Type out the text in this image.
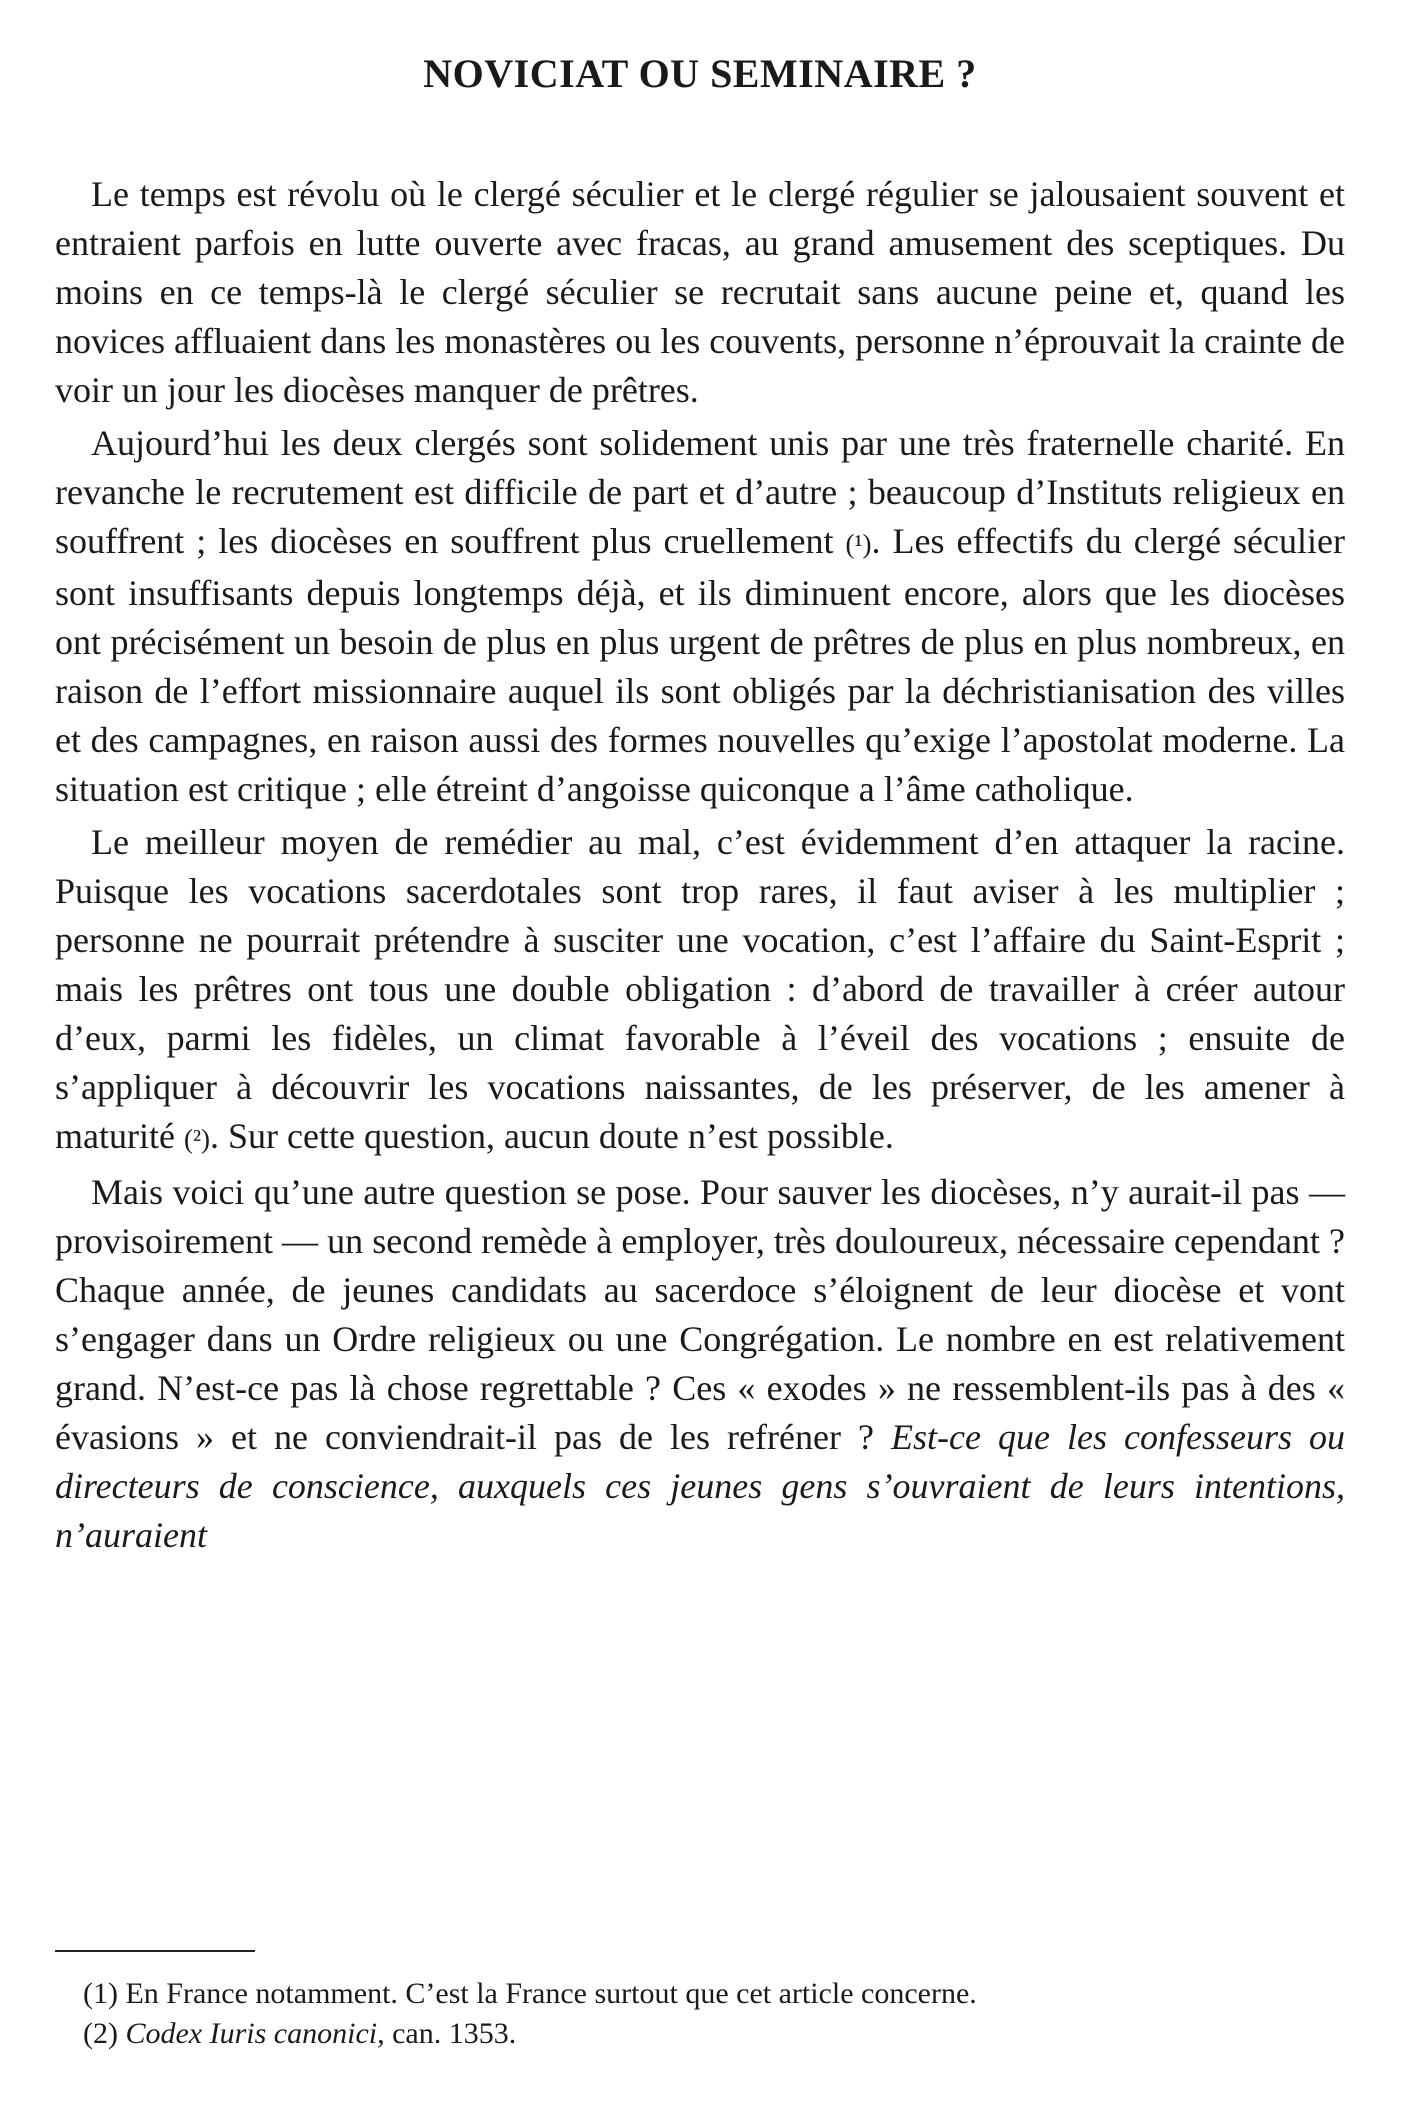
NOVICIAT OU SEMINAIRE ?

Le temps est révolu où le clergé séculier et le clergé régulier se jalousaient souvent et entraient parfois en lutte ouverte avec fracas, au grand amusement des sceptiques. Du moins en ce temps-là le clergé séculier se recrutait sans aucune peine et, quand les novices affluaient dans les monastères ou les couvents, personne n’éprouvait la crainte de voir un jour les diocèses manquer de prêtres.

Aujourd’hui les deux clergés sont solidement unis par une très fraternelle charité. En revanche le recrutement est difficile de part et d’autre ; beaucoup d’Instituts religieux en souffrent ; les diocèses en souffrent plus cruellement (¹). Les effectifs du clergé séculier sont insuffisants depuis longtemps déjà, et ils diminuent encore, alors que les diocèses ont précisément un besoin de plus en plus urgent de prêtres de plus en plus nombreux, en raison de l’effort missionnaire auquel ils sont obligés par la déchristianisation des villes et des campagnes, en raison aussi des formes nouvelles qu’exige l’apostolat moderne. La situation est critique ; elle étreint d’angoisse quiconque a l’âme catholique.

Le meilleur moyen de remédier au mal, c’est évidemment d’en attaquer la racine. Puisque les vocations sacerdotales sont trop rares, il faut aviser à les multiplier ; personne ne pourrait prétendre à susciter une vocation, c’est l’affaire du Saint-Esprit ; mais les prêtres ont tous une double obligation : d’abord de travailler à créer autour d’eux, parmi les fidèles, un climat favorable à l’éveil des vocations ; ensuite de s’appliquer à découvrir les vocations naissantes, de les préserver, de les amener à maturité (²). Sur cette question, aucun doute n’est possible.

Mais voici qu’une autre question se pose. Pour sauver les diocèses, n’y aurait-il pas — provisoirement — un second remède à employer, très douloureux, nécessaire cependant ? Chaque année, de jeunes candidats au sacerdoce s’éloignent de leur diocèse et vont s’engager dans un Ordre religieux ou une Congrégation. Le nombre en est relativement grand. N’est-ce pas là chose regrettable ? Ces « exodes » ne ressemblent-ils pas à des « évasions » et ne conviendrait-il pas de les refréner ? Est-ce que les confesseurs ou directeurs de conscience, auxquels ces jeunes gens s’ouvraient de leurs intentions, n’auraient

(1) En France notamment. C’est la France surtout que cet article concerne.

(2) Codex Iuris canonici, can. 1353.
